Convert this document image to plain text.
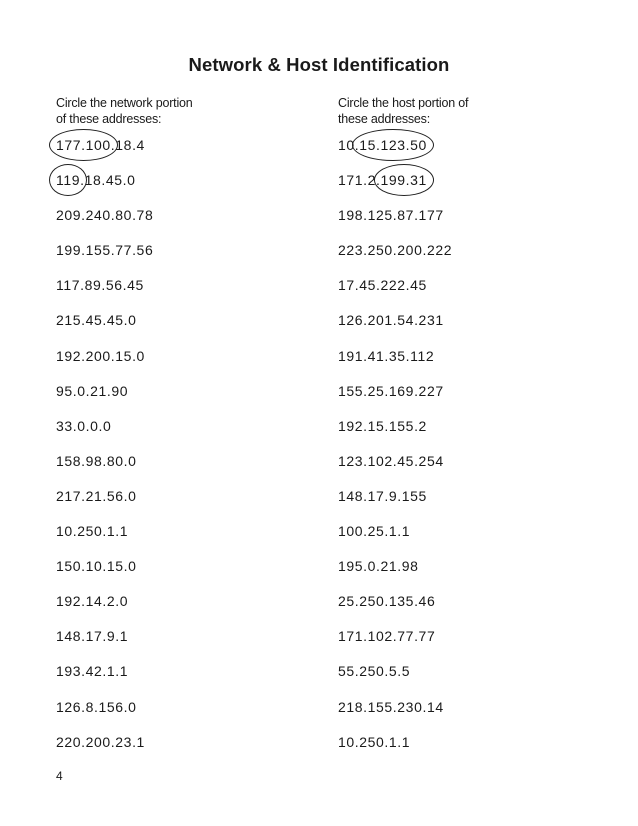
Network & Host Identification
Circle the network portion
of these addresses:
177.100.18.4
119.18.45.0
209.240.80.78
199.155.77.56
117.89.56.45
215.45.45.0
192.200.15.0
95.0.21.90
33.0.0.0
158.98.80.0
217.21.56.0
10.250.1.1
150.10.15.0
192.14.2.0
148.17.9.1
193.42.1.1
126.8.156.0
220.200.23.1
Circle the host portion of
these addresses:
10.15.123.50
171.2.199.31
198.125.87.177
223.250.200.222
17.45.222.45
126.201.54.231
191.41.35.112
155.25.169.227
192.15.155.2
123.102.45.254
148.17.9.155
100.25.1.1
195.0.21.98
25.250.135.46
171.102.77.77
55.250.5.5
218.155.230.14
10.250.1.1
4
